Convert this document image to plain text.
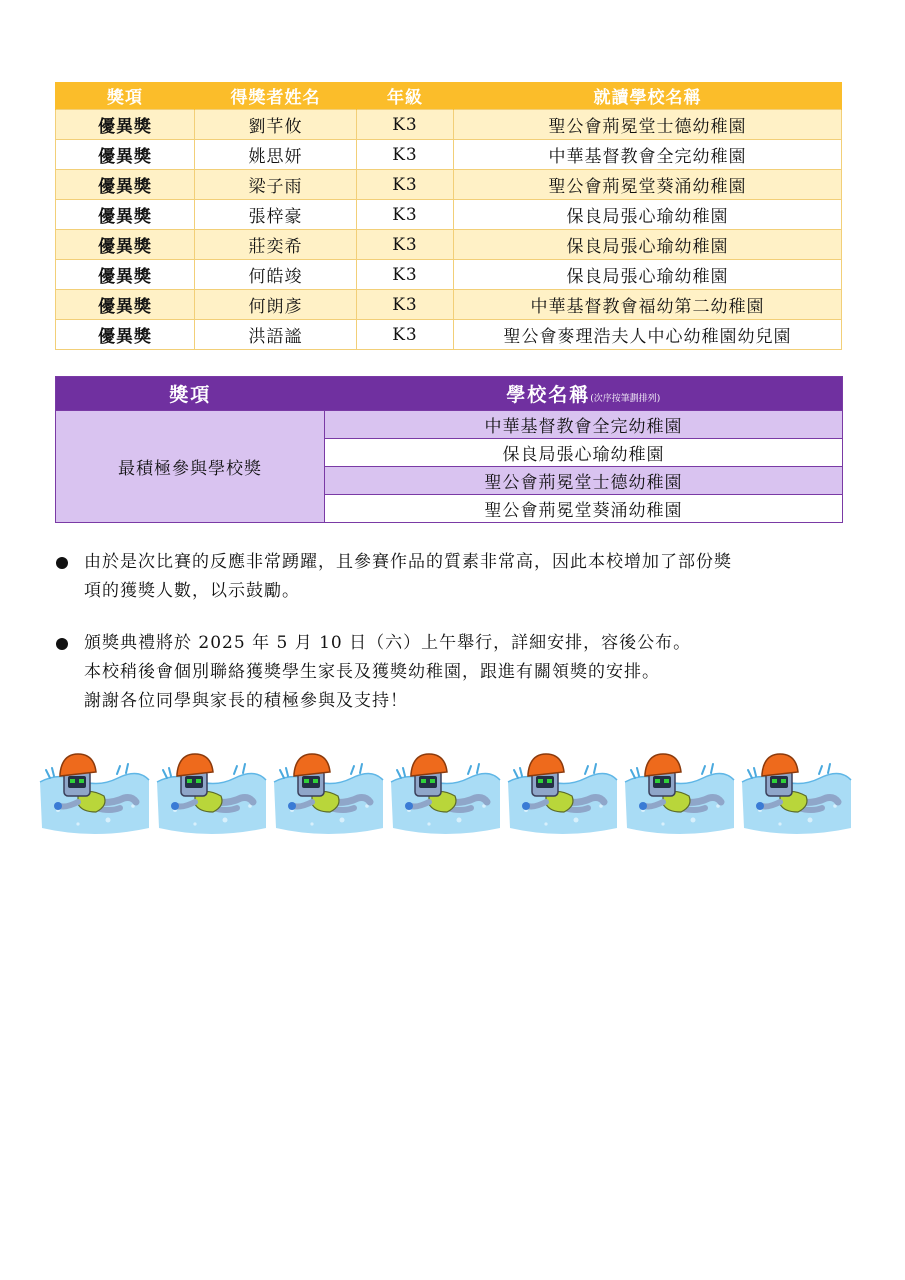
獎項	得獎者姓名	年級	就讀學校名稱
優異獎	劉芊攸	K3	聖公會荊冕堂士德幼稚園
優異獎	姚思妍	K3	中華基督教會全完幼稚園
優異獎	梁子雨	K3	聖公會荊冕堂葵涌幼稚園
優異獎	張梓豪	K3	保良局張心瑜幼稚園
優異獎	莊奕希	K3	保良局張心瑜幼稚園
優異獎	何皓竣	K3	保良局張心瑜幼稚園
優異獎	何朗彥	K3	中華基督教會福幼第二幼稚園
優異獎	洪語謐	K3	聖公會麥理浩夫人中心幼稚園幼兒園
獎項	學校名稱(次序按筆劃排列)
最積極參與學校獎	中華基督教會全完幼稚園
	保良局張心瑜幼稚園
	聖公會荊冕堂士德幼稚園
	聖公會荊冕堂葵涌幼稚園
由於是次比賽的反應非常踴躍，且參賽作品的質素非常高，因此本校增加了部份獎
項的獲獎人數，以示鼓勵。
頒獎典禮將於 2025 年 5 月 10 日（六）上午舉行，詳細安排，容後公布。
本校稍後會個別聯絡獲獎學生家長及獲獎幼稚園，跟進有關領獎的安排。
謝謝各位同學與家長的積極參與及支持！
